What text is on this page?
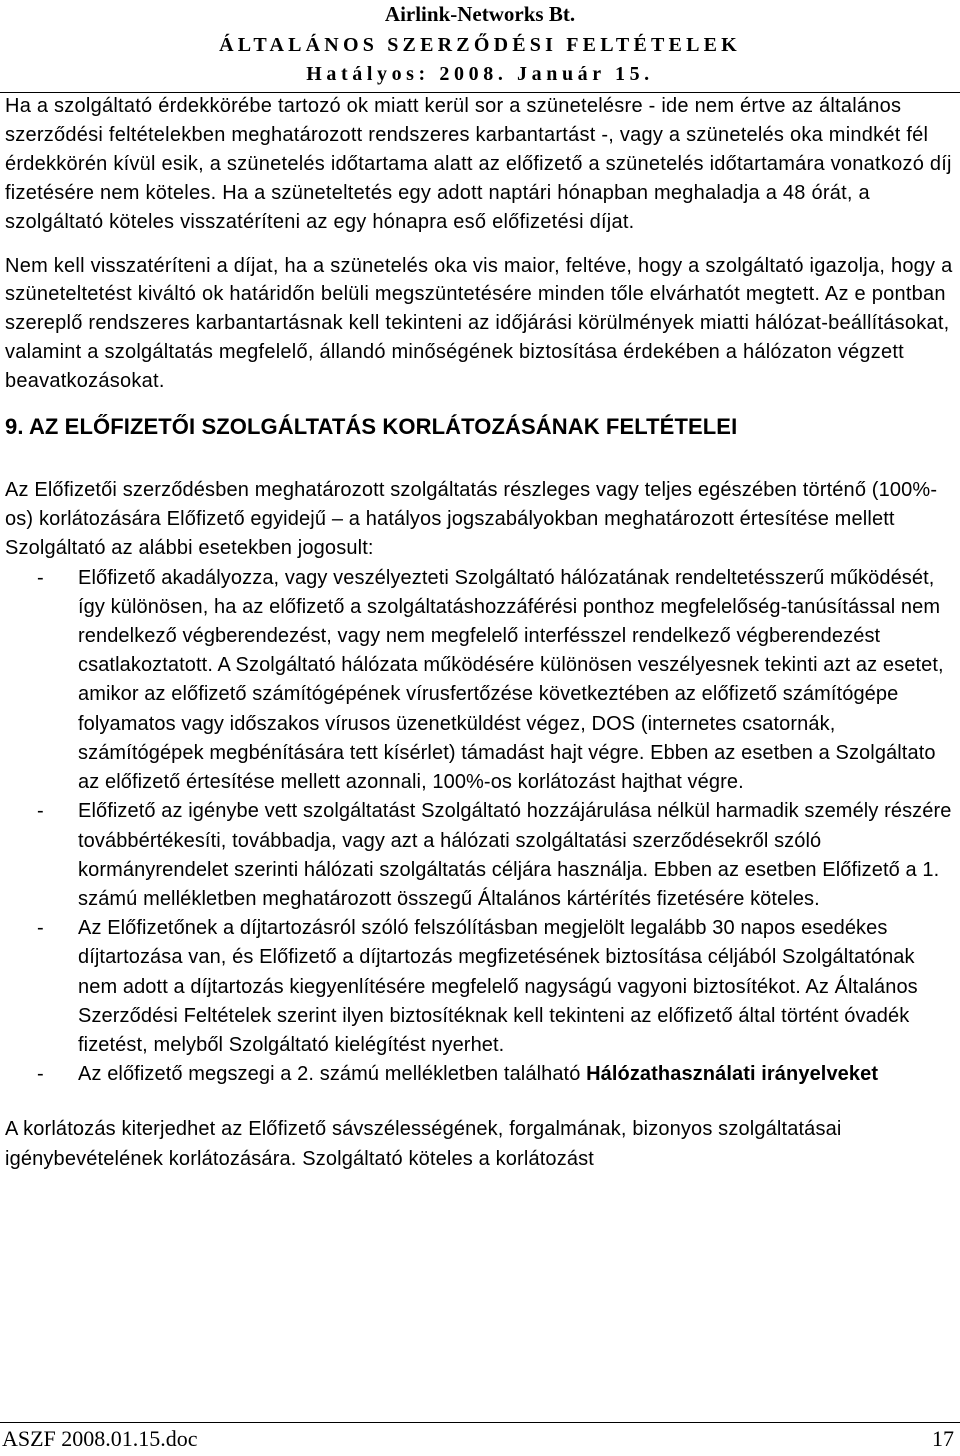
Airlink-Networks Bt.
ÁLTALÁNOS SZERZŐDÉSI FELTÉTELEK
Hatályos: 2008. Január 15.

Ha a szolgáltató érdekkörébe tartozó ok miatt kerül sor a szünetelésre - ide nem értve az általános szerződési feltételekben meghatározott rendszeres karbantartást -, vagy a szünetelés oka mindkét fél érdekkörén kívül esik, a szünetelés időtartama alatt az előfizető a szünetelés időtartamára vonatkozó díj fizetésére nem köteles. Ha a szüneteltetés egy adott naptári hónapban meghaladja a 48 órát, a szolgáltató köteles visszatéríteni az egy hónapra eső előfizetési díjat.

Nem kell visszatéríteni a díjat, ha a szünetelés oka vis maior, feltéve, hogy a szolgáltató igazolja, hogy a szüneteltetést kiváltó ok határidőn belüli megszüntetésére minden tőle elvárhatót megtett. Az e pontban szereplő rendszeres karbantartásnak kell tekinteni az időjárási körülmények miatti hálózat-beállításokat, valamint a szolgáltatás megfelelő, állandó minőségének biztosítása érdekében a hálózaton végzett beavatkozásokat.

9. AZ ELŐFIZETŐI SZOLGÁLTATÁS KORLÁTOZÁSÁNAK FELTÉTELEI

Az Előfizetői szerződésben meghatározott szolgáltatás részleges vagy teljes egészében történő (100%-os) korlátozására Előfizető egyidejű – a hatályos jogszabályokban meghatározott értesítése mellett Szolgáltató az alábbi esetekben jogosult:

- Előfizető akadályozza, vagy veszélyezteti Szolgáltató hálózatának rendeltetésszerű működését, így különösen, ha az előfizető a szolgáltatáshozzáférési ponthoz megfelelőség-tanúsítással nem rendelkező végberendezést, vagy nem megfelelő interfésszel rendelkező végberendezést csatlakoztatott. A Szolgáltató hálózata működésére különösen veszélyesnek tekinti azt az esetet, amikor az előfizető számítógépének vírusfertőzése következtében az előfizető számítógépe folyamatos vagy időszakos vírusos üzenetküldést végez, DOS (internetes csatornák, számítógépek megbénítására tett kísérlet) támadást hajt végre. Ebben az esetben a Szolgáltato az előfizető értesítése mellett azonnali, 100%-os korlátozást hajthat végre.
- Előfizető az igénybe vett szolgáltatást Szolgáltató hozzájárulása nélkül harmadik személy részére továbbértékesíti, továbbadja, vagy azt a hálózati szolgáltatási szerződésekről szóló kormányrendelet szerinti hálózati szolgáltatás céljára használja. Ebben az esetben Előfizető a 1. számú mellékletben meghatározott összegű Általános kártérítés fizetésére köteles.
- Az Előfizetőnek a díjtartozásról szóló felszólításban megjelölt legalább 30 napos esedékes díjtartozása van, és Előfizető a díjtartozás megfizetésének biztosítása céljából Szolgáltatónak nem adott a díjtartozás kiegyenlítésére megfelelő nagyságú vagyoni biztosítékot. Az Általános Szerződési Feltételek szerint ilyen biztosítéknak kell tekinteni az előfizető által történt óvadék fizetést, melyből Szolgáltató kielégítést nyerhet.
- Az előfizető megszegi a 2. számú mellékletben található Hálózathasználati irányelveket

A korlátozás kiterjedhet az Előfizető sávszélességének, forgalmának, bizonyos szolgáltatásai igénybevételének korlátozására. Szolgáltató köteles a korlátozást

ASZF 2008.01.15.doc	17
